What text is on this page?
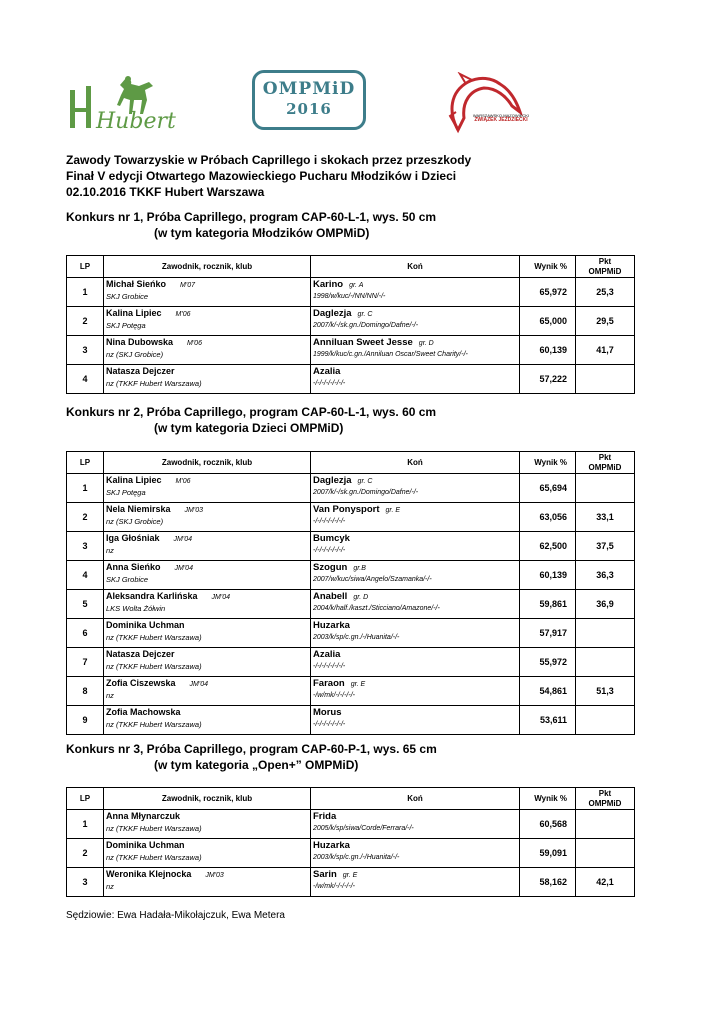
Hubert
OMPMiD
2016	WARSZAWSKO-MAZOWIECKI
ZWIĄZEK JEŹDZIECKI
Zawody Towarzyskie w Próbach Caprillego i skokach przez przeszkody
Finał V edycji Otwartego Mazowieckiego Pucharu Młodzików i Dzieci
02.10.2016 TKKF Hubert Warszawa
Konkurs nr 1, Próba Caprillego, program CAP-60-L-1, wys. 50 cm
(w tym kategoria Młodzików OMPMiD)
LP	Zawodnik, rocznik, klub	Koń	Wynik %	Pkt
OMPMiD
1	Michał Sieńko M'07
SKJ Grobice	Karino gr. A
1998/w/kuc/-/NN/NN/-/-	65,972	25,3
2	Kalina Lipiec M'06
SKJ Potęga	Daglezja gr. C
2007/k/-/sk.gn./Domingo/Dafne/-/-	65,000	29,5
3	Nina Dubowska M'06
nz (SKJ Grobice)	Anniluan Sweet Jesse gr. D
1999/k/kuc/c.gn./Anniluan Oscar/Sweet Charity/-/-	60,139	41,7
4	Natasza Dejczer
nz (TKKF Hubert Warszawa)	Azalia
-/-/-/-/-/-/-/-	57,222	
Konkurs nr 2, Próba Caprillego, program CAP-60-L-1, wys. 60 cm
(w tym kategoria Dzieci OMPMiD)
LP	Zawodnik, rocznik, klub	Koń	Wynik %	Pkt
OMPMiD
1	Kalina Lipiec M'06
SKJ Potęga	Daglezja gr. C
2007/k/-/sk.gn./Domingo/Dafne/-/-	65,694	
2	Nela Niemirska JM'03
nz (SKJ Grobice)	Van Ponysport gr. E
-/-/-/-/-/-/-/-	63,056	33,1
3	Iga Głośniak JM'04
nz	Bumcyk
-/-/-/-/-/-/-/-	62,500	37,5
4	Anna Sieńko JM'04
SKJ Grobice	Szogun gr.B
2007/w/kuc/siwa/Angelo/Szamanka/-/-	60,139	36,3
5	Aleksandra Karlińska JM'04
LKS Wolta Żółwin	Anabell gr. D
2004/k/half./kaszt./Sticciano/Amazone/-/-	59,861	36,9
6	Dominika Uchman
nz (TKKF Hubert Warszawa)	Huzarka
2003/k/sp/c.gn./-/Huanita/-/-	57,917	
7	Natasza Dejczer
nz (TKKF Hubert Warszawa)	Azalia
-/-/-/-/-/-/-/-	55,972	
8	Zofia Ciszewska JM'04
nz	Faraon gr. E
-/w/mk/-/-/-/-/-	54,861	51,3
9	Zofia Machowska
nz (TKKF Hubert Warszawa)	Morus
-/-/-/-/-/-/-/-	53,611	
Konkurs nr 3, Próba Caprillego, program CAP-60-P-1, wys. 65 cm
(w tym kategoria „Open+” OMPMiD)
LP	Zawodnik, rocznik, klub	Koń	Wynik %	Pkt
OMPMiD
1	Anna Młynarczuk
nz (TKKF Hubert Warszawa)	Frida
2005/k/sp/siwa/Corde/Ferrara/-/-	60,568	
2	Dominika Uchman
nz (TKKF Hubert Warszawa)	Huzarka
2003/k/sp/c.gn./-/Huanita/-/-	59,091	
3	Weronika Klejnocka JM'03
nz	Sarin gr. E
-/w/mk/-/-/-/-/-	58,162	42,1
Sędziowie: Ewa Hadała-Mikołajczuk, Ewa Metera
